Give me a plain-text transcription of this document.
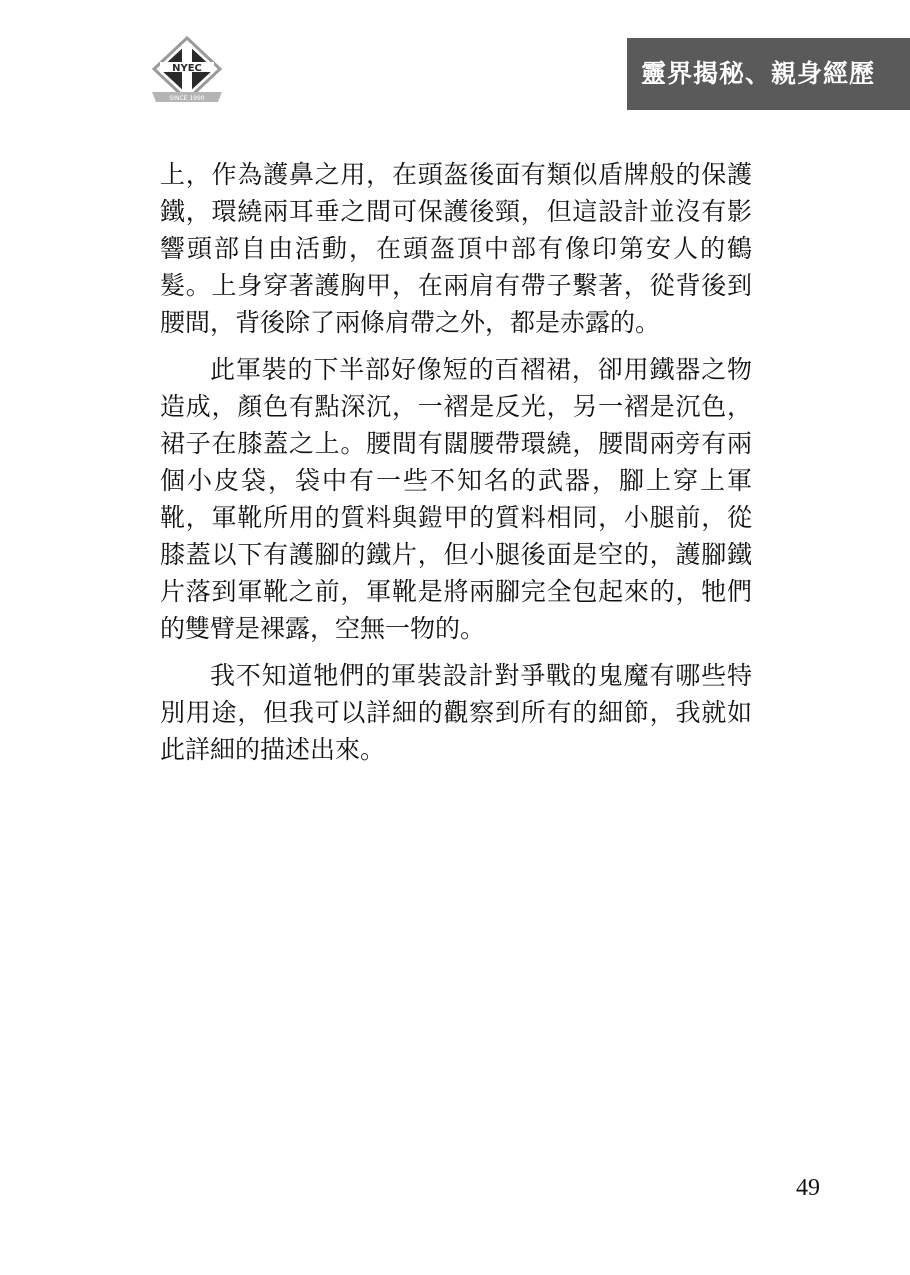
NYEC
SINCE 1990
靈界揭秘、親身經歷

上，作為護鼻之用，在頭盔後面有類似盾牌般的保護鐵，環繞兩耳垂之間可保護後頸，但這設計並沒有影響頭部自由活動，在頭盔頂中部有像印第安人的鶴髮。上身穿著護胸甲，在兩肩有帶子繫著，從背後到腰間，背後除了兩條肩帶之外，都是赤露的。

此軍裝的下半部好像短的百褶裙，卻用鐵器之物造成，顏色有點深沉，一褶是反光，另一褶是沉色，裙子在膝蓋之上。腰間有闊腰帶環繞，腰間兩旁有兩個小皮袋，袋中有一些不知名的武器，腳上穿上軍靴，軍靴所用的質料與鎧甲的質料相同，小腿前，從膝蓋以下有護腳的鐵片，但小腿後面是空的，護腳鐵片落到軍靴之前，軍靴是將兩腳完全包起來的，牠們的雙臂是裸露，空無一物的。

我不知道牠們的軍裝設計對爭戰的鬼魔有哪些特別用途，但我可以詳細的觀察到所有的細節，我就如此詳細的描述出來。

49
